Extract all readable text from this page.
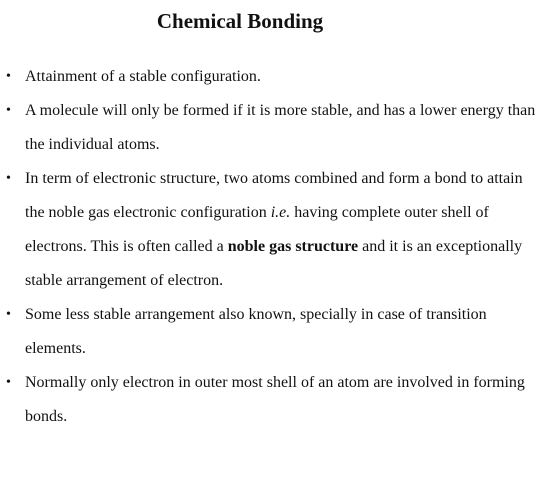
Chemical Bonding
• Attainment of a stable configuration.
• A molecule will only be formed if it is more stable, and has a lower energy than
the individual atoms.
• In term of electronic structure, two atoms combined and form a bond to attain
the noble gas electronic configuration i.e. having complete outer shell of
electrons. This is often called a noble gas structure and it is an exceptionally
stable arrangement of electron.
• Some less stable arrangement also known, specially in case of transition
elements.
• Normally only electron in outer most shell of an atom are involved in forming
bonds.
